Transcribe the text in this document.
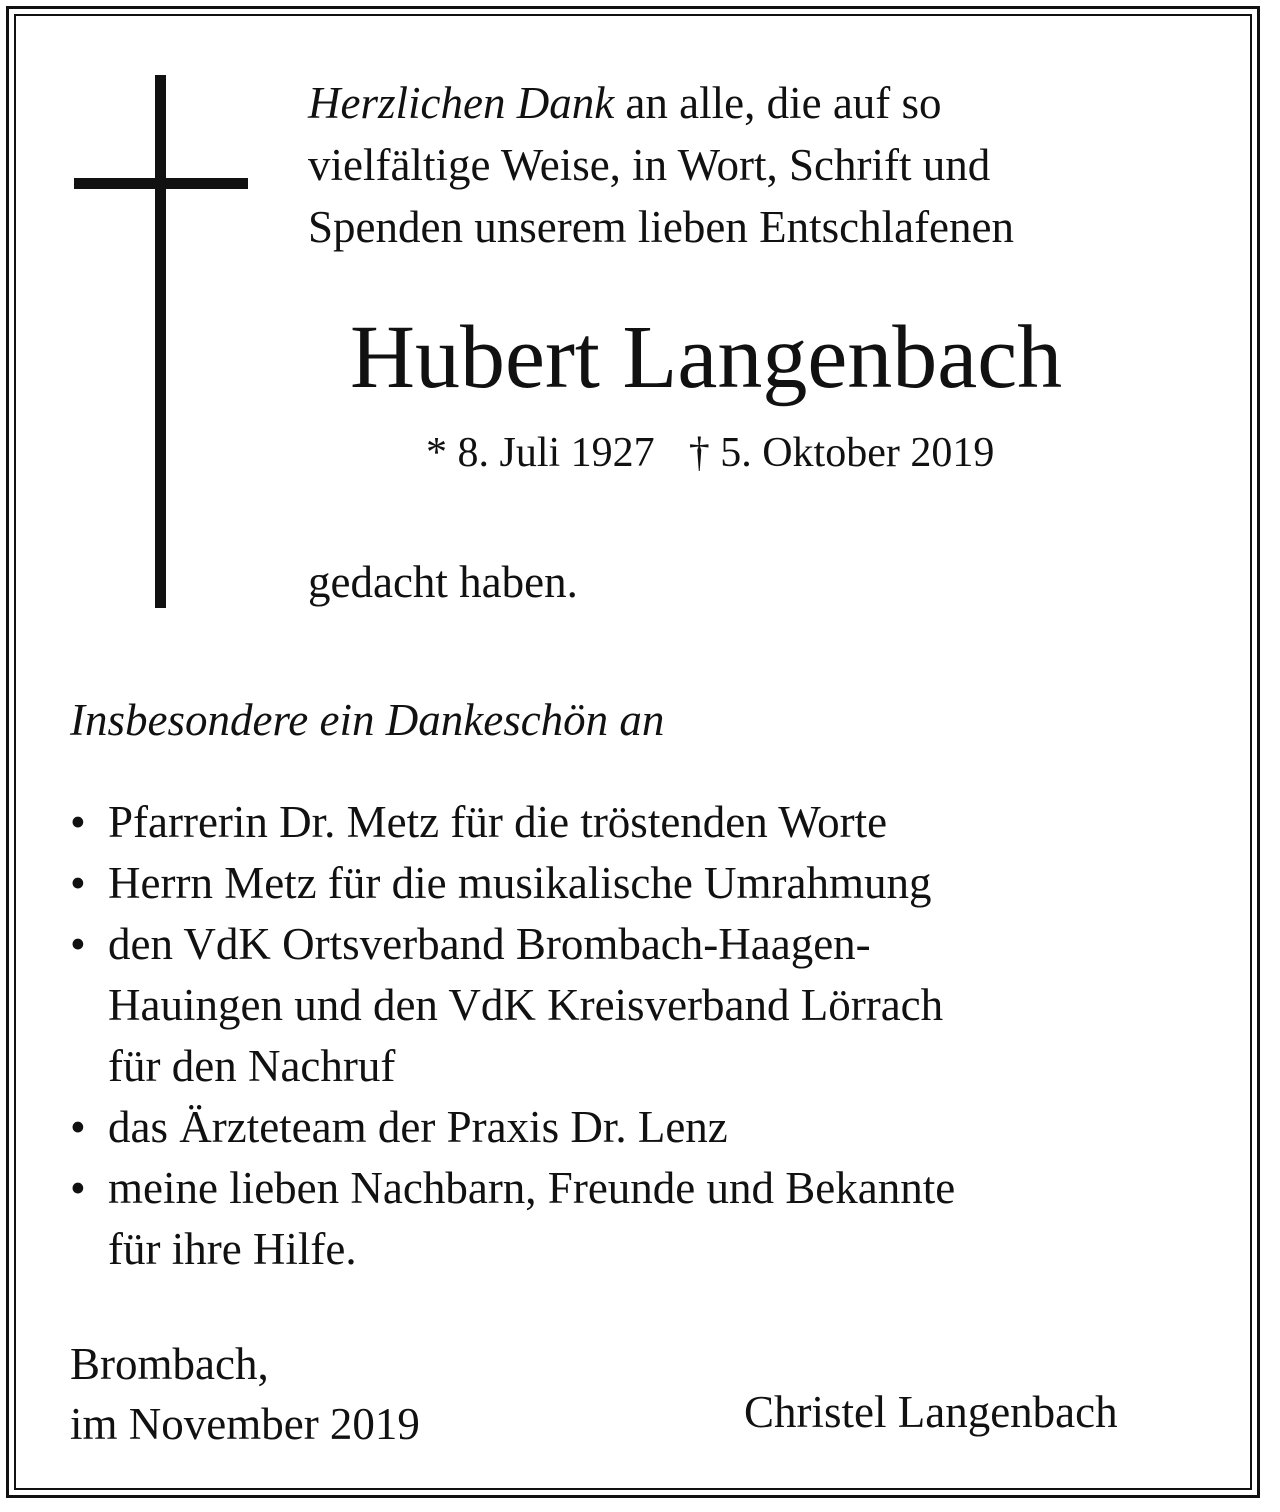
Herzlichen Dank an alle, die auf so
vielfältige Weise, in Wort, Schrift und
Spenden unserem lieben Entschlafenen

Hubert Langenbach

* 8. Juli 1927 † 5. Oktober 2019

gedacht haben.

Insbesondere ein Dankeschön an

• Pfarrerin Dr. Metz für die tröstenden Worte
• Herrn Metz für die musikalische Umrahmung
• den VdK Ortsverband Brombach-Haagen-
Hauingen und den VdK Kreisverband Lörrach
für den Nachruf
• das Ärzteteam der Praxis Dr. Lenz
• meine lieben Nachbarn, Freunde und Bekannte
für ihre Hilfe.

Brombach,
im November 2019	Christel Langenbach
